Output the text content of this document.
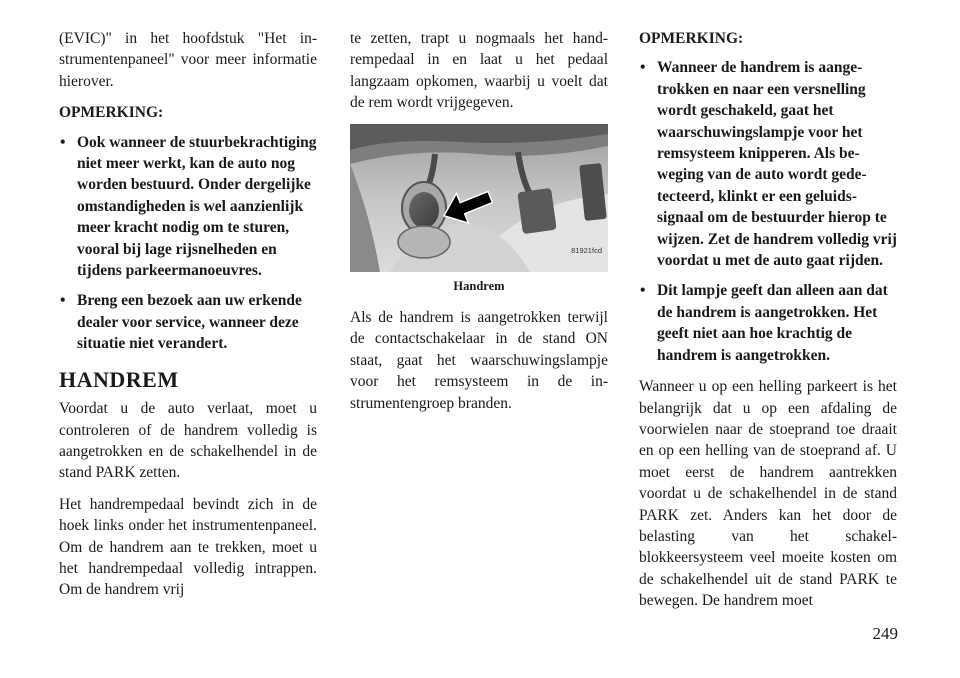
(EVIC)" in het hoofdstuk "Het instrumentenpaneel" voor meer informatie hierover.

OPMERKING:
• Ook wanneer de stuurbekrachtiging niet meer werkt, kan de auto nog worden bestuurd. Onder dergelijke omstandigheden is wel aanzienlijk meer kracht nodig om te sturen, vooral bij lage rijsnelheden en tijdens parkeermanoeuvres.
• Breng een bezoek aan uw erkende dealer voor service, wanneer deze situatie niet verandert.
HANDREM

Voordat u de auto verlaat, moet u controleren of de handrem volledig is aangetrokken en de schakelhendel in de stand PARK zetten.

Het handrempedaal bevindt zich in de hoek links onder het instrumentenpaneel. Om de handrem aan te trekken, moet u het handrempedaal volledig intrappen. Om de handrem vrij

te zetten, trapt u nogmaals het handrempedaal in en laat u het pedaal langzaam opkomen, waarbij u voelt dat de rem wordt vrijgegeven.

81921fcd
Handrem

Als de handrem is aangetrokken terwijl de contactschakelaar in de stand ON staat, gaat het waarschuwingslampje voor het remsysteem in de instrumentengroep branden.

OPMERKING:
• Wanneer de handrem is aangetrokken en naar een versnelling wordt geschakeld, gaat het waarschuwingslampje voor het remsysteem knipperen. Als beweging van de auto wordt gedetecteerd, klinkt er een geluidssignaal om de bestuurder hierop te wijzen. Zet de handrem volledig vrij voordat u met de auto gaat rijden.
• Dit lampje geeft dan alleen aan dat de handrem is aangetrokken. Het geeft niet aan hoe krachtig de handrem is aangetrokken.

Wanneer u op een helling parkeert is het belangrijk dat u op een afdaling de voorwielen naar de stoeprand toe draait en op een helling van de stoeprand af. U moet eerst de handrem aantrekken voordat u de schakelhendel in de stand PARK zet. Anders kan het door de belasting van het schakelblokkeersysteem veel moeite kosten om de schakelhendel uit de stand PARK te bewegen. De handrem moet

249
